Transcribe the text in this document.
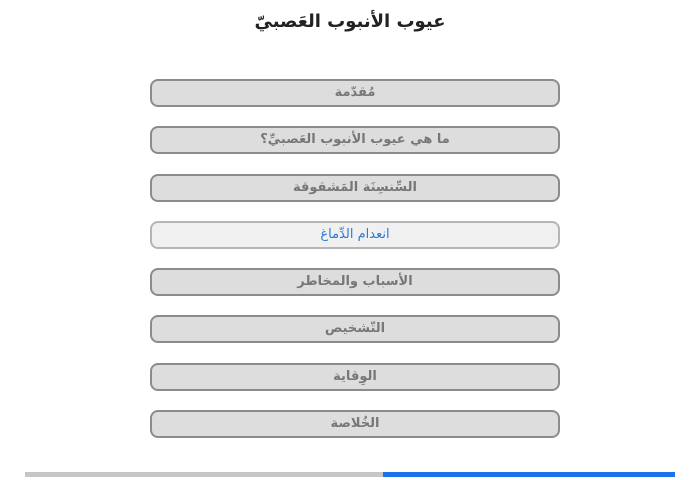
عيوب الأنبوب العَصبيّ
مُقدّمة
ما هي عيوب الأنبوب العَصبيِّ؟
السِّنسِنَة المَشقوقة
انعدام الدِّماغ
الأسباب والمخاطر
التّشخيص
الوِقاية
الخُلاصة
